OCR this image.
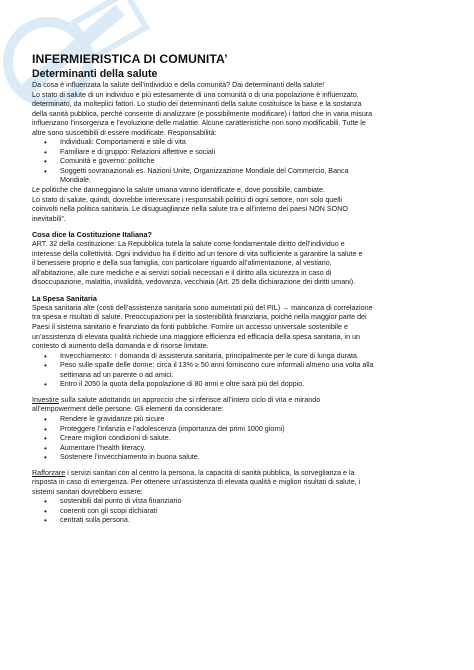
INFERMIERISTICA DI COMUNITA’
Determinanti della salute

Da cosa è influenzata la salute dell’individuo e della comunità? Dai determinanti della salute!

Lo stato di salute di un individuo e più estesamente di una comunità o di una popolazione è influenzato,

determinato, da molteplici fattori. Lo studio dei determinanti della salute costituisce la base e la sostanza

della sanità pubblica, perché consente di analizzare (e possibilmente modificare) i fattori che in varia misura

influenzano l’insorgenza e l’evoluzione delle malattie. Alcune caratteristiche non sono modificabili. Tutte le

altre sono suscettibili di essere modificate. Responsabilità:

• Individuali: Comportamenti e stile di vita
• Familiare e di gruppo: Relazioni affettive e sociali
• Comunità e governo: politiche
• Soggetti sovranazionali es. Nazioni Unite, Organizzazione Mondiale del Commercio, Banca
Mondiale.

Le politiche che danneggiano la salute umana vanno identificate e, dove possibile, cambiate.

Lo stato di salute, quindi, dovrebbe interessare i responsabili politici di ogni settore, non solo quelli

coinvolti nella politica sanitaria. Le disuguaglianze nella salute tra e all’interno dei paesi NON SONO

inevitabili”.

Cosa dice la Costituzione Italiana?

ART. 32 della costituzione: La Repubblica tutela la salute come fondamentale diritto dell’individuo e

interesse della collettività. Ogni individuo ha il diritto ad un tenore di vita sufficiente a garantire la salute e

il benessere proprio e della sua famiglia, con particolare riguardo all’alimentazione, al vestiario,

all’abitazione, alle cure mediche e ai servizi sociali necessari e il diritto alla sicurezza in caso di

disoccupazione, malattia, invalidità, vedovanza, vecchiaia (Art. 25 della dichiarazione dei diritti umani).

La Spesa Sanitaria

Spesa sanitaria alte (costi dell’assistenza sanitaria sono aumentati più del PIL) → mancanza di correlazione

tra spesa e risultati di salute. Preoccupazioni per la sostenibilità finanziaria, poiché nella maggior parte dei

Paesi il sistema sanitario è finanziato da fonti pubbliche. Fornire un accesso universale sostenibile e

un’assistenza di elevata qualità richiede una maggiore efficienza ed efficacia della spesa sanitaria, in un

contesto di aumento della domanda e di risorse limitate.

• Invecchiamento: ↑ domanda di assistenza sanitaria, principalmente per le cure di lunga durata.
• Peso sulle spalle delle donne: circa il 13% ≥ 50 anni forniscono cure informali almeno una volta alla
settimana ad un parente o ad amici.
• Entro il 2050 la quota della popolazione di 80 anni e oltre sarà più del doppio.

Investire sulla salute adottando un approccio che si riferisce all’intero ciclo di vita e mirando

all’empowerment delle persone. Gli elementi da considerare:

• Rendere le gravidanze più sicure
• Proteggere l’infanzia e l’adolescenza (importanza dei primi 1000 giorni)
• Creare migliori condizioni di salute.
• Aumentare l’health literacy.
• Sostenere l’invecchiamento in buona salute.

Rafforzare i servizi sanitari con al centro la persona, la capacità di sanità pubblica, la sorveglianza e la

risposta in caso di emergenza. Per ottenere un’assistenza di elevata qualità e migliori risultati di salute, i

sistemi sanitari dovrebbero essere:

• sostenibili dal punto di vista finanziario
• coerenti con gli scopi dichiarati
• centrati sulla persona.
